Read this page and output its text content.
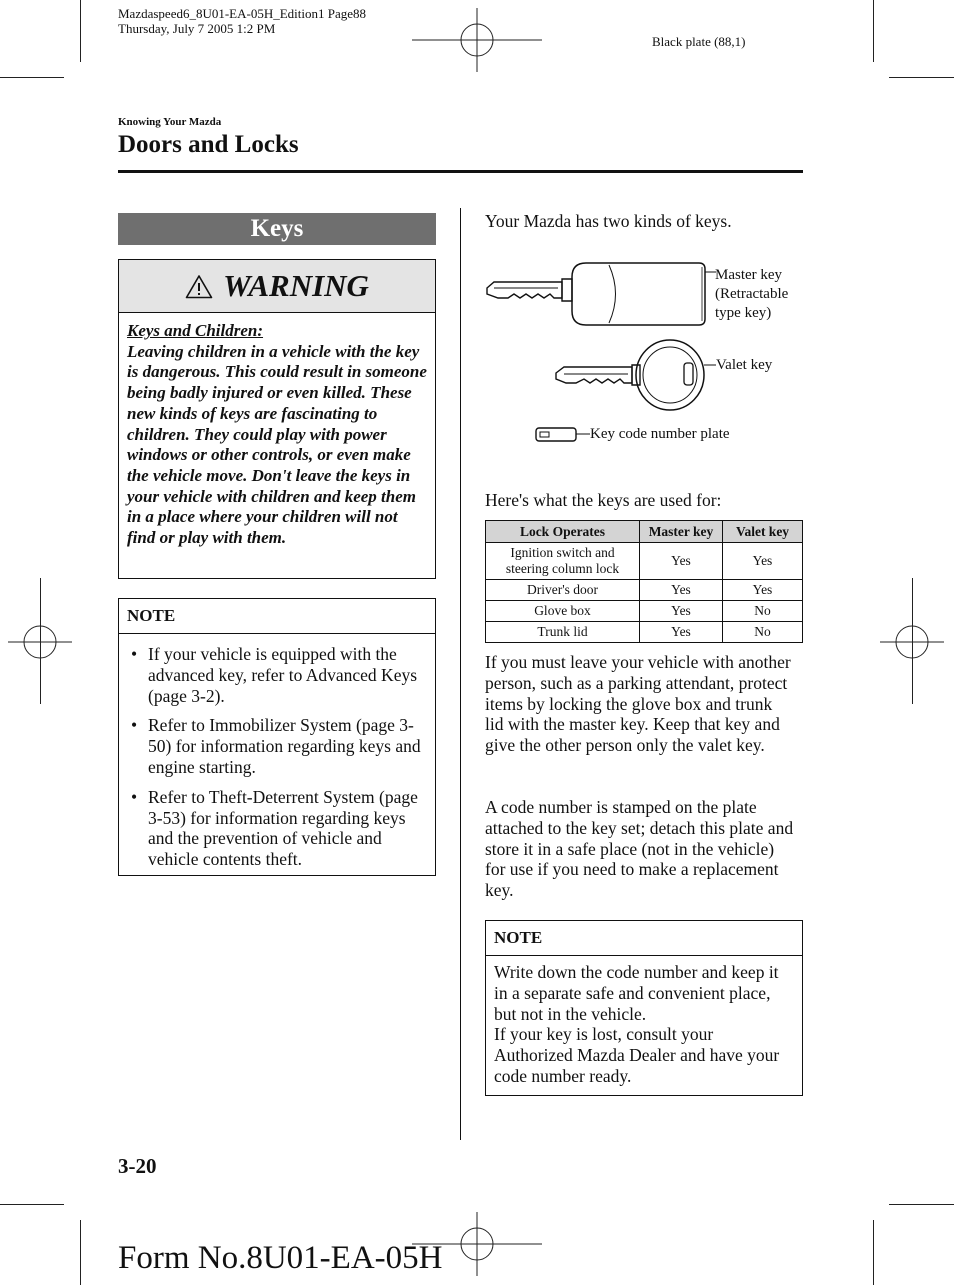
Mazdaspeed6_8U01-EA-05H_Edition1 Page88
Thursday, July 7 2005 1:2 PM
Black plate (88,1)
Knowing Your Mazda
Doors and Locks
Keys
WARNING
Keys and Children:
Leaving children in a vehicle with the key is dangerous. This could result in someone being badly injured or even killed. These new kinds of keys are fascinating to children. They could play with power windows or other controls, or even make the vehicle move. Don't leave the keys in your vehicle with children and keep them in a place where your children will not find or play with them.
NOTE
• If your vehicle is equipped with the advanced key, refer to Advanced Keys (page 3-2).
• Refer to Immobilizer System (page 3-50) for information regarding keys and engine starting.
• Refer to Theft-Deterrent System (page 3-53) for information regarding keys and the prevention of vehicle and vehicle contents theft.
Your Mazda has two kinds of keys.
Master key
(Retractable
type key)
Valet key
Key code number plate
Here's what the keys are used for:
Lock Operates	Master key	Valet key

Ignition switch and
steering column lock	Yes	Yes
Driver's door	Yes	Yes
Glove box	Yes	No
Trunk lid	Yes	No
If you must leave your vehicle with another person, such as a parking attendant, protect items by locking the glove box and trunk lid with the master key. Keep that key and give the other person only the valet key.
A code number is stamped on the plate attached to the key set; detach this plate and store it in a safe place (not in the vehicle) for use if you need to make a replacement key.
NOTE
Write down the code number and keep it in a separate safe and convenient place, but not in the vehicle.
If your key is lost, consult your Authorized Mazda Dealer and have your code number ready.
3-20
Form No.8U01-EA-05H
